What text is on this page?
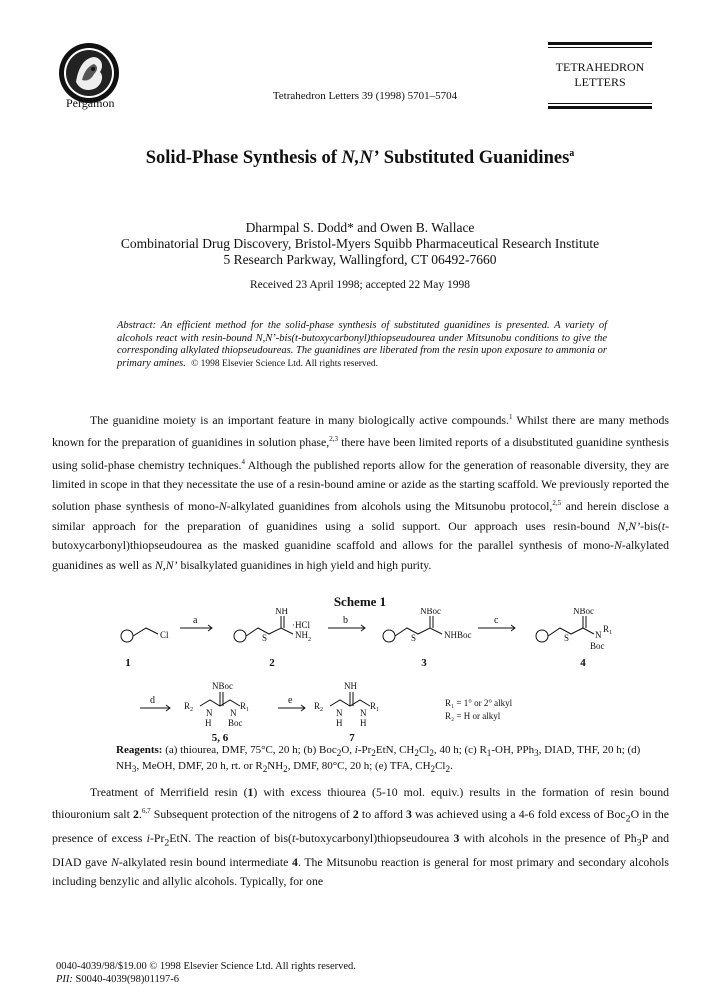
Pergamon	Tetrahedron Letters 39 (1998) 5701–5704
TETRAHEDRON
LETTERS
Solid-Phase Synthesis of N,N’ Substituted Guanidines$^a$
Dharmpal S. Dodd* and Owen B. Wallace
Combinatorial Drug Discovery, Bristol-Myers Squibb Pharmaceutical Research Institute
5 Research Parkway, Wallingford, CT 06492-7660
Received 23 April 1998; accepted 22 May 1998
Abstract: An efficient method for the solid-phase synthesis of substituted guanidines is presented. A variety of alcohols react with resin-bound N,N’-bis(t-butoxycarbonyl)thiopseudourea under Mitsunobu conditions to give the corresponding alkylated thiopseudoureas. The guanidines are liberated from the resin upon exposure to ammonia or primary amines. © 1998 Elsevier Science Ltd. All rights reserved.

The guanidine moiety is an important feature in many biologically active compounds.$^1$ Whilst there are many methods known for the preparation of guanidines in solution phase,$^{2,3}$ there have been limited reports of a disubstituted guanidine synthesis using solid-phase chemistry techniques.$^4$ Although the published reports allow for the generation of reasonable diversity, they are limited in scope in that they necessitate the use of a resin-bound amine or azide as the starting scaffold. We previously reported the solution phase synthesis of mono-N-alkylated guanidines from alcohols using the Mitsunobu protocol,$^{2,5}$ and herein disclose a similar approach for the preparation of guanidines using a solid support. Our approach uses resin-bound N,N’-bis(t-butoxycarbonyl)thiopseudourea as the masked guanidine scaffold and allows for the parallel synthesis of mono-N-alkylated guanidines as well as N,N’ bisalkylated guanidines in high yield and high purity.

Scheme 1
Cl
a
NH
·HCl
S	$NH_2$
b
NBoc
S	NHBoc
c
NBoc
S	N
$R_1$
Boc
d
NBoc
$R_2$ N
H
N
$R_1$
Boc
e
NH
$R_2$ N
H
N
H
$R_1$
R₁ = 1° or 2° alkyl
R₂ = H or alkyl
1	2	3	4
5, 6	7
Reagents: (a) thiourea, DMF, 75°C, 20 h; (b) Boc$_2$O, $i-Pr_2EtN$, $CH_2Cl_2$, 40 h; (c) $R_1-OH$, PPh$_3$, DIAD, THF, 20 h; (d) $NH_3$, MeOH, DMF, 20 h, rt. or $R_2NH_2$, DMF, 80°C, 20 h; (e) TFA, $CH_2Cl_2$.

Treatment of Merrifield resin (1) with excess thiourea (5-10 mol. equiv.) results in the formation of resin bound thiouronium salt 2.$^{6,7}$ Subsequent protection of the nitrogens of 2 to afford 3 was achieved using a 4-6 fold excess of Boc$_2$O in the presence of excess $i-Pr_2EtN$. The reaction of bis(t-butoxycarbonyl)thiopseudourea 3 with alcohols in the presence of $Ph_3P$ and DIAD gave N-alkylated resin bound intermediate 4. The Mitsunobu reaction is general for most primary and secondary alcohols including benzylic and allylic alcohols. Typically, for one

0040-4039/98/$19.00 © 1998 Elsevier Science Ltd. All rights reserved.
PII: S0040-4039(98)01197-6
